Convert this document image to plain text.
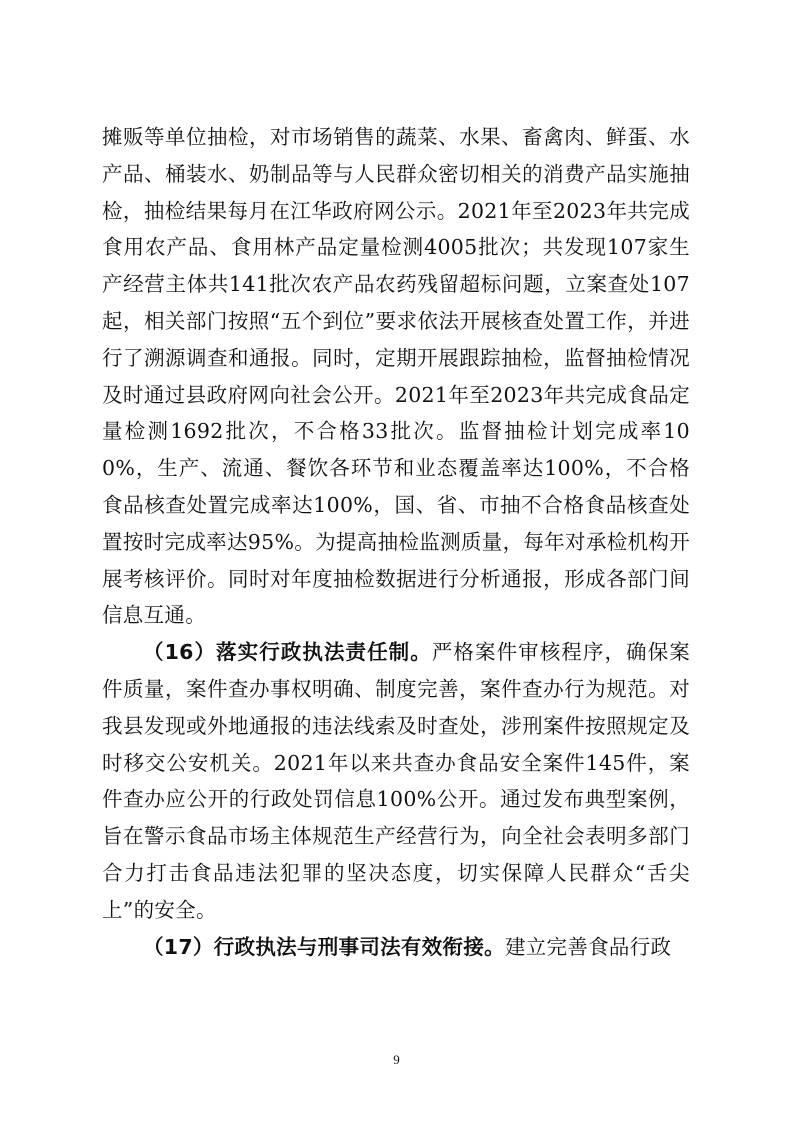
摊贩等单位抽检，对市场销售的蔬菜、水果、畜禽肉、鲜蛋、水产品、桶装水、奶制品等与人民群众密切相关的消费产品实施抽检，抽检结果每月在江华政府网公示。2021年至2023年共完成食用农产品、食用林产品定量检测4005批次；共发现107家生产经营主体共141批次农产品农药残留超标问题，立案查处107起，相关部门按照“五个到位”要求依法开展核查处置工作，并进行了溯源调查和通报。同时，定期开展跟踪抽检，监督抽检情况及时通过县政府网向社会公开。2021年至2023年共完成食品定量检测1692批次，不合格33批次。监督抽检计划完成率100%，生产、流通、餐饮各环节和业态覆盖率达100%，不合格食品核查处置完成率达100%，国、省、市抽不合格食品核查处置按时完成率达95%。为提高抽检监测质量，每年对承检机构开展考核评价。同时对年度抽检数据进行分析通报，形成各部门间信息互通。

（16）落实行政执法责任制。严格案件审核程序，确保案件质量，案件查办事权明确、制度完善，案件查办行为规范。对我县发现或外地通报的违法线索及时查处，涉刑案件按照规定及时移交公安机关。2021年以来共查办食品安全案件145件，案件查办应公开的行政处罚信息100%公开。通过发布典型案例，旨在警示食品市场主体规范生产经营行为，向全社会表明多部门合力打击食品违法犯罪的坚决态度，切实保障人民群众“舌尖上”的安全。

（17）行政执法与刑事司法有效衔接。建立完善食品行政

9
